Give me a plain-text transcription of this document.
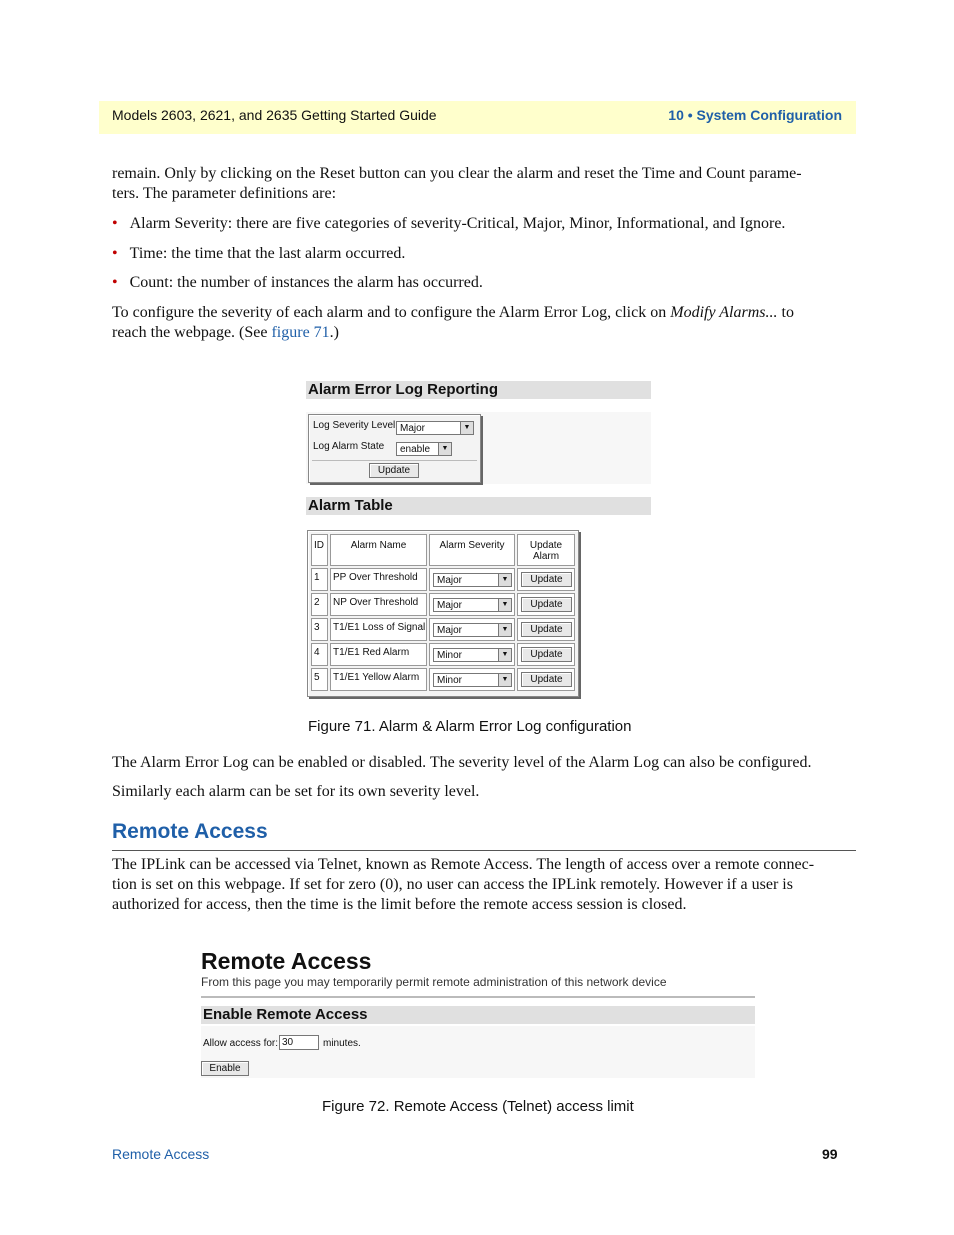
Models 2603, 2621, and 2635 Getting Started Guide	10 • System Configuration
remain. Only by clicking on the Reset button can you clear the alarm and reset the Time and Count parame-
ters. The parameter definitions are:
• Alarm Severity: there are five categories of severity-Critical, Major, Minor, Informational, and Ignore.
• Time: the time that the last alarm occurred.
• Count: the number of instances the alarm has occurred.
To configure the severity of each alarm and to configure the Alarm Error Log, click on Modify Alarms... to
reach the webpage. (See figure 71.)
Alarm Error Log Reporting
Log Severity Level Major	▼
Log Alarm State	enable	▼
Update
Alarm Table
ID	Alarm Name	Alarm Severity	Update Alarm
1	PP Over Threshold	Major	▼	Update
2	NP Over Threshold	Major	▼	Update
3	T1/E1 Loss of Signal	Major	▼	Update
4	T1/E1 Red Alarm	Minor	▼	Update
5	T1/E1 Yellow Alarm	Minor	▼	Update
Figure 71. Alarm & Alarm Error Log configuration
The Alarm Error Log can be enabled or disabled. The severity level of the Alarm Log can also be configured.
Similarly each alarm can be set for its own severity level.
Remote Access
The IPLink can be accessed via Telnet, known as Remote Access. The length of access over a remote connec-
tion is set on this webpage. If set for zero (0), no user can access the IPLink remotely. However if a user is
authorized for access, then the time is the limit before the remote access session is closed.
Remote Access
From this page you may temporarily permit remote administration of this network device
Enable Remote Access
Allow access for: 30	minutes.
Enable
Figure 72. Remote Access (Telnet) access limit
Remote Access	99
